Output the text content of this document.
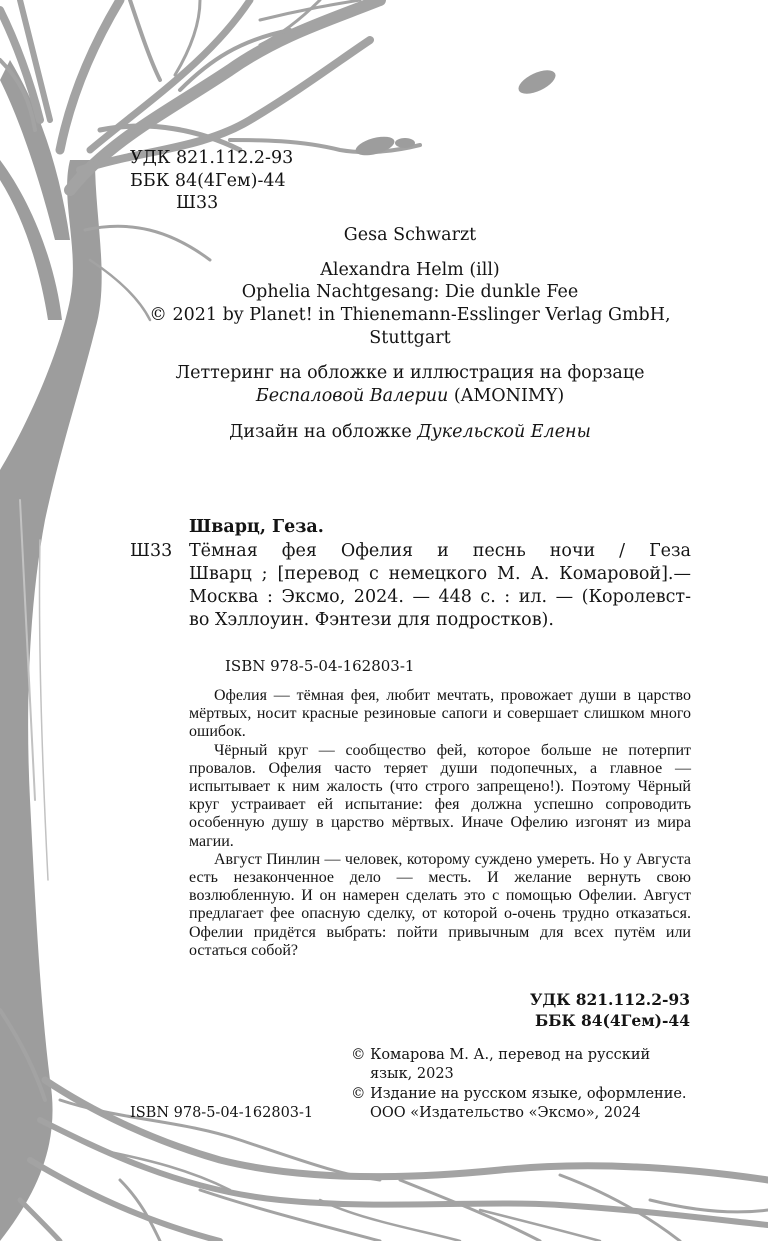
УДК 821.112.2-93
ББК 84(4Гем)-44
Ш33
Gesa Schwarzt
Alexandra Helm (ill)
Ophelia Nachtgesang: Die dunkle Fee
© 2021 by Planet! in Thienemann-Esslinger Verlag GmbH,
Stuttgart
Леттеринг на обложке и иллюстрация на форзаце
Беспаловой Валерии (AMONIMY)
Дизайн на обложке Дукельской Елены
Шварц, Геза.
Ш33 Тёмная фея Офелия и песнь ночи / Геза
Шварц ; [перевод с немецкого М. А. Комаровой].—
Москва : Эксмо, 2024. — 448 с. : ил. — (Королевст-
во Хэллоуин. Фэнтези для подростков).
ISBN 978-5-04-162803-1

Офелия — тёмная фея, любит мечтать, провожает души в царство мёртвых, носит красные резиновые сапоги и совершает слишком много ошибок.

Чёрный круг — сообщество фей, которое больше не потерпит провалов. Офелия часто теряет души подопечных, а главное — испытывает к ним жалость (что строго запрещено!). Поэтому Чёрный круг устраивает ей испытание: фея должна успешно сопроводить особенную душу в царство мёртвых. Иначе Офелию изгонят из мира магии.

Август Пинлин — человек, которому суждено умереть. Но у Августа есть незаконченное дело — месть. И желание вернуть свою возлюбленную. И он намерен сделать это с помощью Офелии. Август предлагает фее опасную сделку, от которой о-очень трудно отказаться. Офелии придётся выбрать: пойти привычным для всех путём или остаться собой?

УДК 821.112.2-93
ББК 84(4Гем)-44
ISBN 978-5-04-162803-1
© Комарова М. А., перевод на русский
язык, 2023
© Издание на русском языке, оформление.
ООО «Издательство «Эксмо», 2024
